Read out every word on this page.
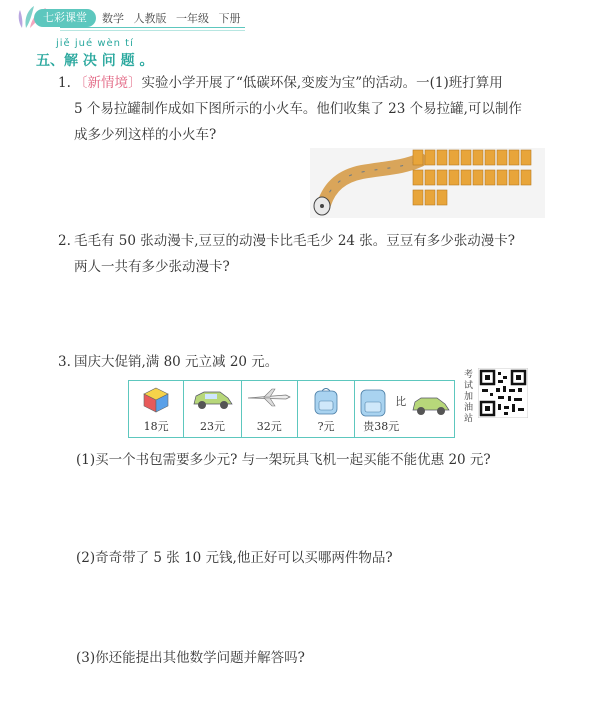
七彩课堂	数学 人教版 一年级 下册
jiě jué wèn tí
五、解 决 问 题 。
1. 〔新情境〕实验小学开展了“低碳环保,变废为宝”的活动。一(1)班打算用
5 个易拉罐制作成如下图所示的小火车。他们收集了 23 个易拉罐,可以制作
成多少列这样的小火车?
2. 毛毛有 50 张动漫卡,豆豆的动漫卡比毛毛少 24 张。豆豆有多少张动漫卡?
两人一共有多少张动漫卡?
3. 国庆大促销,满 80 元立减 20 元。
18元	23元	32元	?元
比
贵38元
考
试
加
油
站
(1)买一个书包需要多少元? 与一架玩具飞机一起买能不能优惠 20 元?
(2)奇奇带了 5 张 10 元钱,他正好可以买哪两件物品?
(3)你还能提出其他数学问题并解答吗?
